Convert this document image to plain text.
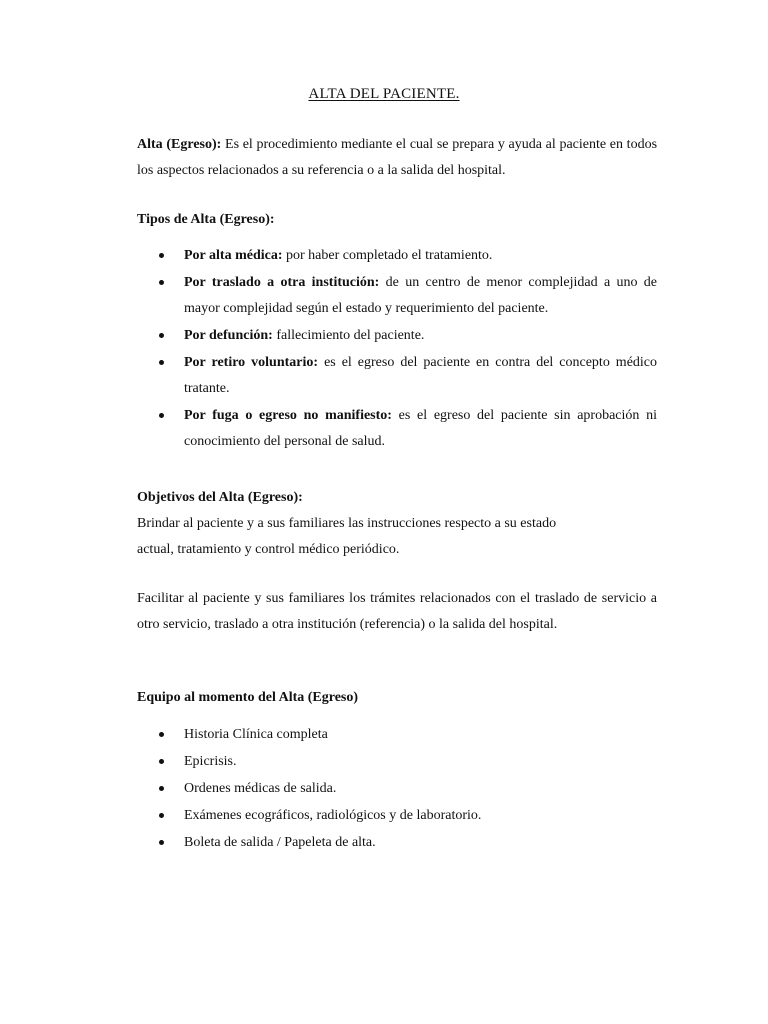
ALTA DEL PACIENTE.
Alta (Egreso): Es el procedimiento mediante el cual se prepara y ayuda al paciente en todos los aspectos relacionados a su referencia o a la salida del hospital.
Tipos de Alta (Egreso):
Por alta médica: por haber completado el tratamiento.
Por traslado a otra institución: de un centro de menor complejidad a uno de mayor complejidad según el estado y requerimiento del paciente.
Por defunción: fallecimiento del paciente.
Por retiro voluntario: es el egreso del paciente en contra del concepto médico tratante.
Por fuga o egreso no manifiesto: es el egreso del paciente sin aprobación ni conocimiento del personal de salud.
Objetivos del Alta (Egreso):
Brindar al paciente y a sus familiares las instrucciones respecto a su estado
actual, tratamiento y control médico periódico.
Facilitar al paciente y sus familiares los trámites relacionados con el traslado de servicio a otro servicio, traslado a otra institución (referencia) o la salida del hospital.
Equipo al momento del Alta (Egreso)
Historia Clínica completa
Epicrisis.
Ordenes médicas de salida.
Exámenes ecográficos, radiológicos y de laboratorio.
Boleta de salida / Papeleta de alta.
